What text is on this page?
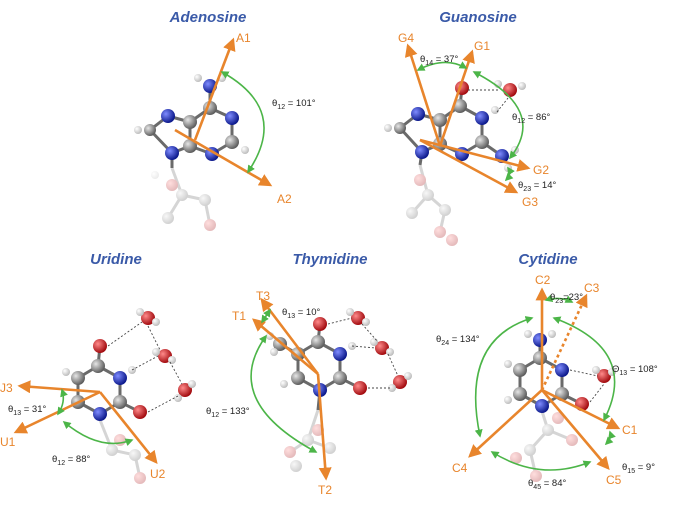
Adenosine
A1
A2
$\theta_{12} = 101^\circ$
Guanosine
G4
G1
G2
G3
$\theta_{14} = 37^\circ$
$\theta_{12} = 86^\circ$
$\theta_{23} = 14^\circ$
Uridine
J3
U1
U2
$\theta_{13} = 31^\circ$
$\theta_{12} = 88^\circ$
Thymidine
T3
T1
T2
$\theta_{13} = 10^\circ$
$\theta_{12} = 133^\circ$
Cytidine
C2
C3
C1
C5
C4
$\theta_{23}=23^\circ$
$\theta_{24} = 134^\circ$
$\Theta_{13} = 108^\circ$
$\theta_{15} = 9^\circ$
$\theta_{45} = 84^\circ$
